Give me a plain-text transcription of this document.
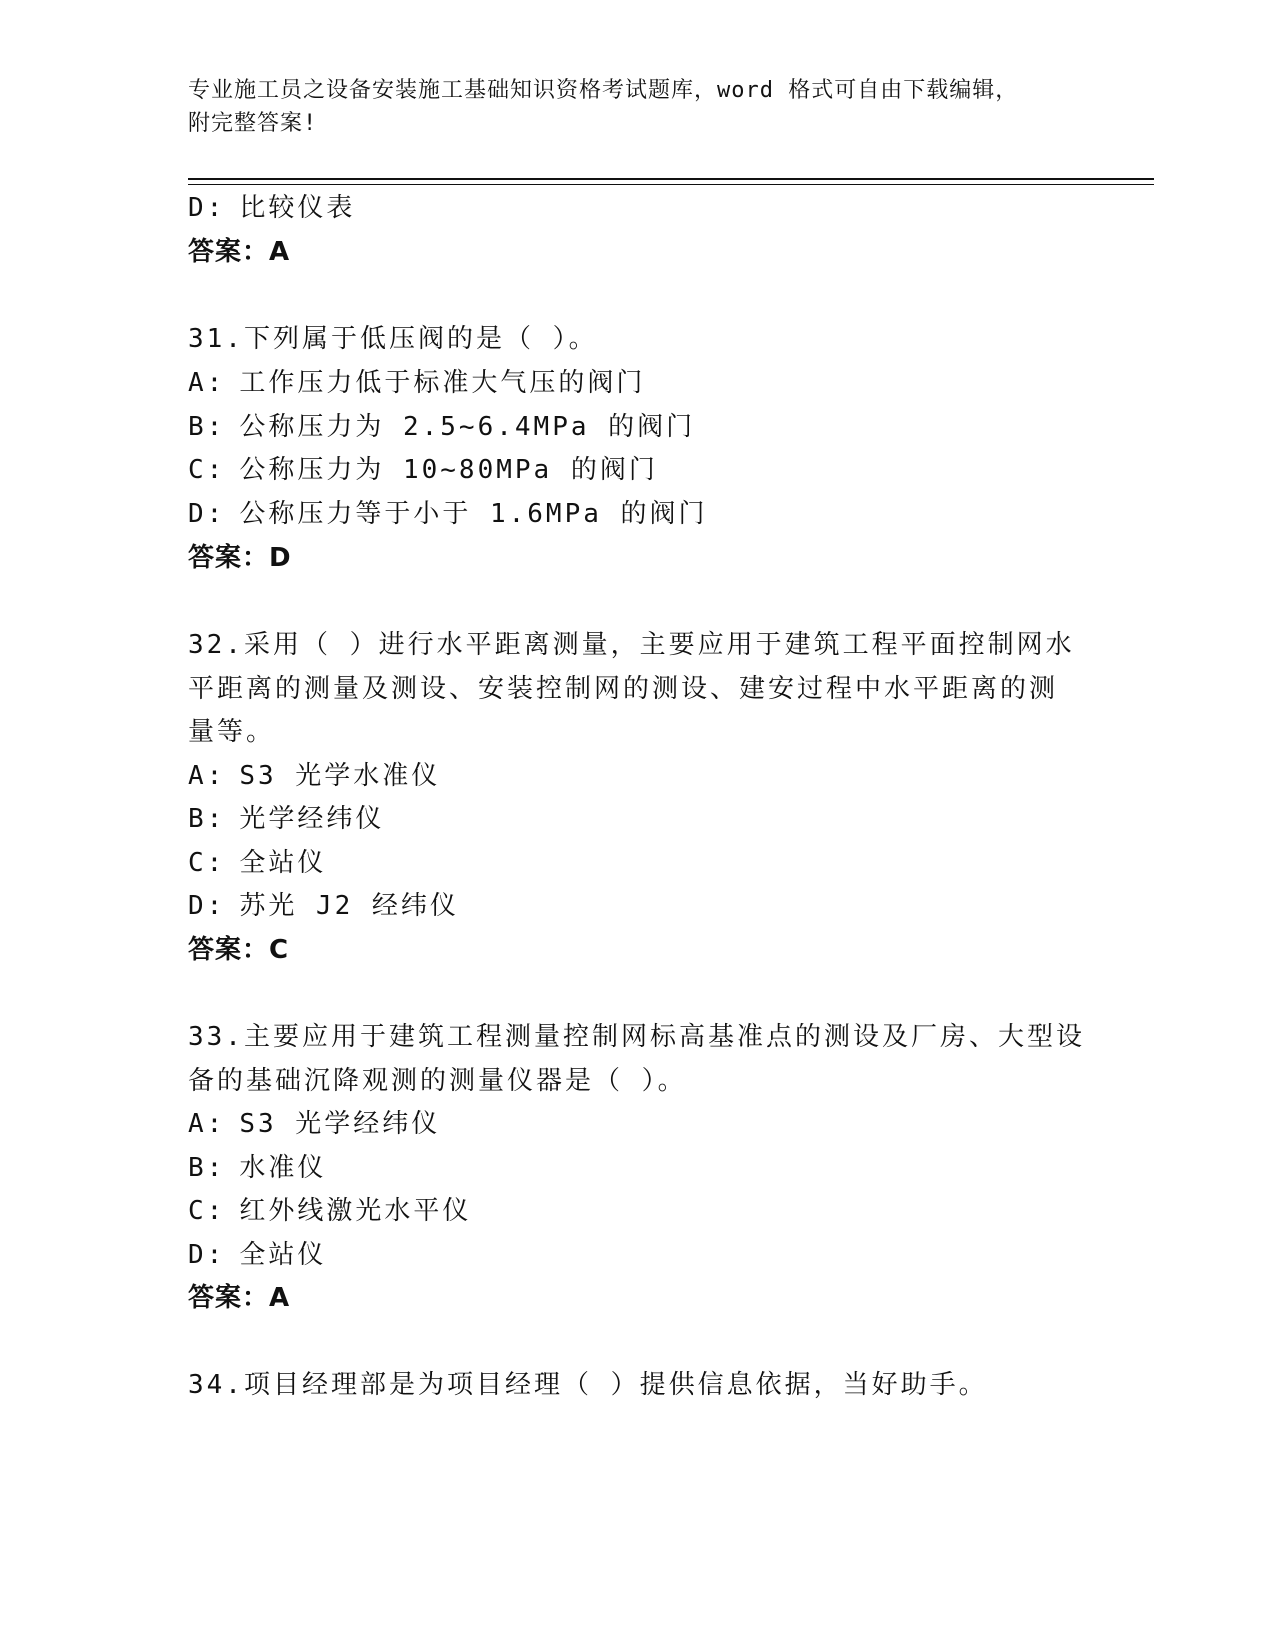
专业施工员之设备安装施工基础知识资格考试题库，word 格式可自由下载编辑，
附完整答案!
D: 比较仪表
答案：A
31.下列属于低压阀的是（ ）。
A: 工作压力低于标准大气压的阀门
B: 公称压力为 2.5~6.4MPa 的阀门
C: 公称压力为 10~80MPa 的阀门
D: 公称压力等于小于 1.6MPa 的阀门
答案：D
32.采用（ ）进行水平距离测量，主要应用于建筑工程平面控制网水
平距离的测量及测设、安装控制网的测设、建安过程中水平距离的测
量等。
A: S3 光学水准仪
B: 光学经纬仪
C: 全站仪
D: 苏光 J2 经纬仪
答案：C
33.主要应用于建筑工程测量控制网标高基准点的测设及厂房、大型设
备的基础沉降观测的测量仪器是（ ）。
A: S3 光学经纬仪
B: 水准仪
C: 红外线激光水平仪
D: 全站仪
答案：A
34.项目经理部是为项目经理（ ）提供信息依据，当好助手。
